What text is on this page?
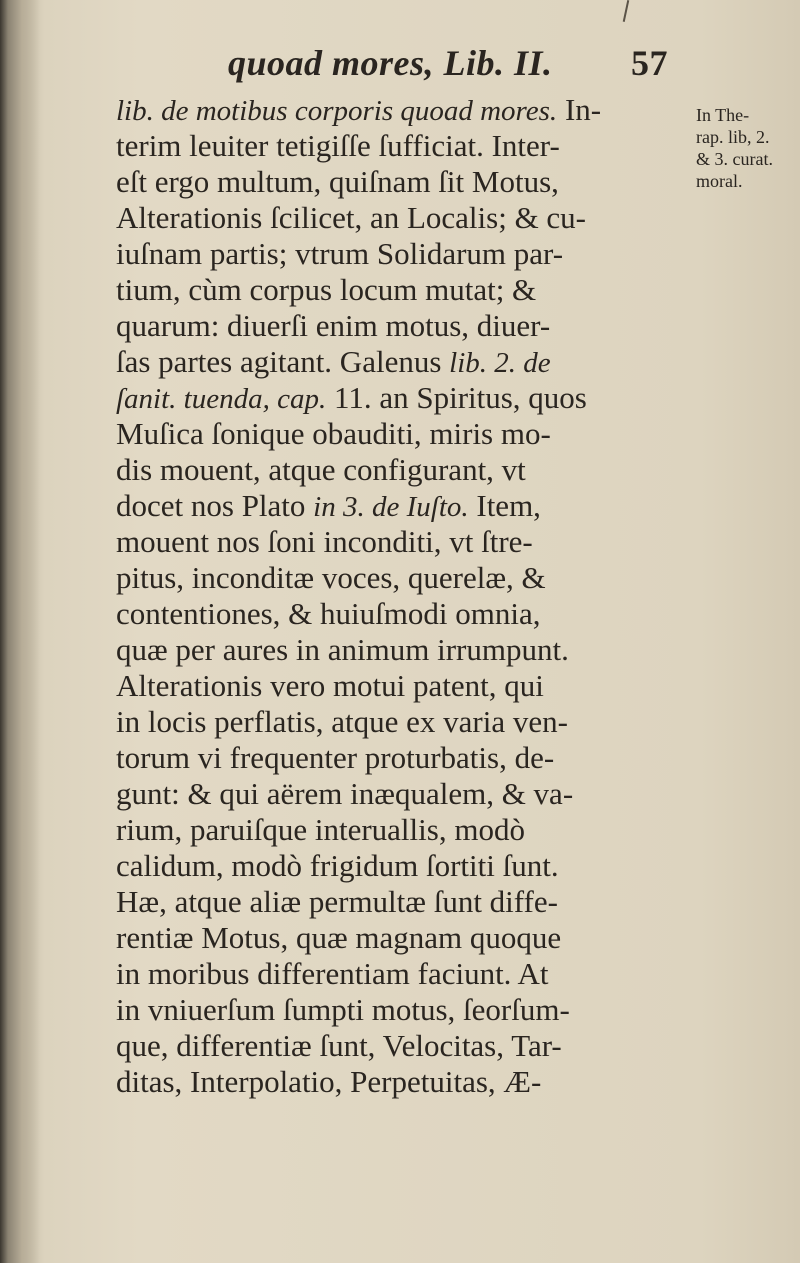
quoad mores, Lib. II. 57
lib. de motibus corporis quoad mores. In-
terim leuiter tetigiſſe ſufficiat. Inter-
eſt ergo multum, quiſnam ſit Motus,
Alterationis ſcilicet, an Localis; & cu-
iuſnam partis; vtrum Solidarum par-
tium, cùm corpus locum mutat; &
quarum: diuerſi enim motus, diuer-
ſas partes agitant. Galenus lib. 2. de
ſanit. tuenda, cap. 11. an Spiritus, quos
Muſica ſonique obauditi, miris mo-
dis mouent, atque configurant, vt
docet nos Plato in 3. de Iuſto. Item,
mouent nos ſoni inconditi, vt ſtre-
pitus, inconditæ voces, querelæ, &
contentiones, & huiuſmodi omnia,
quæ per aures in animum irrumpunt.
Alterationis vero motui patent, qui
in locis perflatis, atque ex varia ven-
torum vi frequenter proturbatis, de-
gunt: & qui aërem inæqualem, & va-
rium, paruiſque interuallis, modò
calidum, modò frigidum ſortiti ſunt.
Hæ, atque aliæ permultæ ſunt diffe-
rentiæ Motus, quæ magnam quoque
in moribus differentiam faciunt. At
in vniuerſum ſumpti motus, ſeorſum-
que, differentiæ ſunt, Velocitas, Tar-
ditas, Interpolatio, Perpetuitas, Æ-
In The-
rap. lib, 2.
& 3. curat.
moral.
